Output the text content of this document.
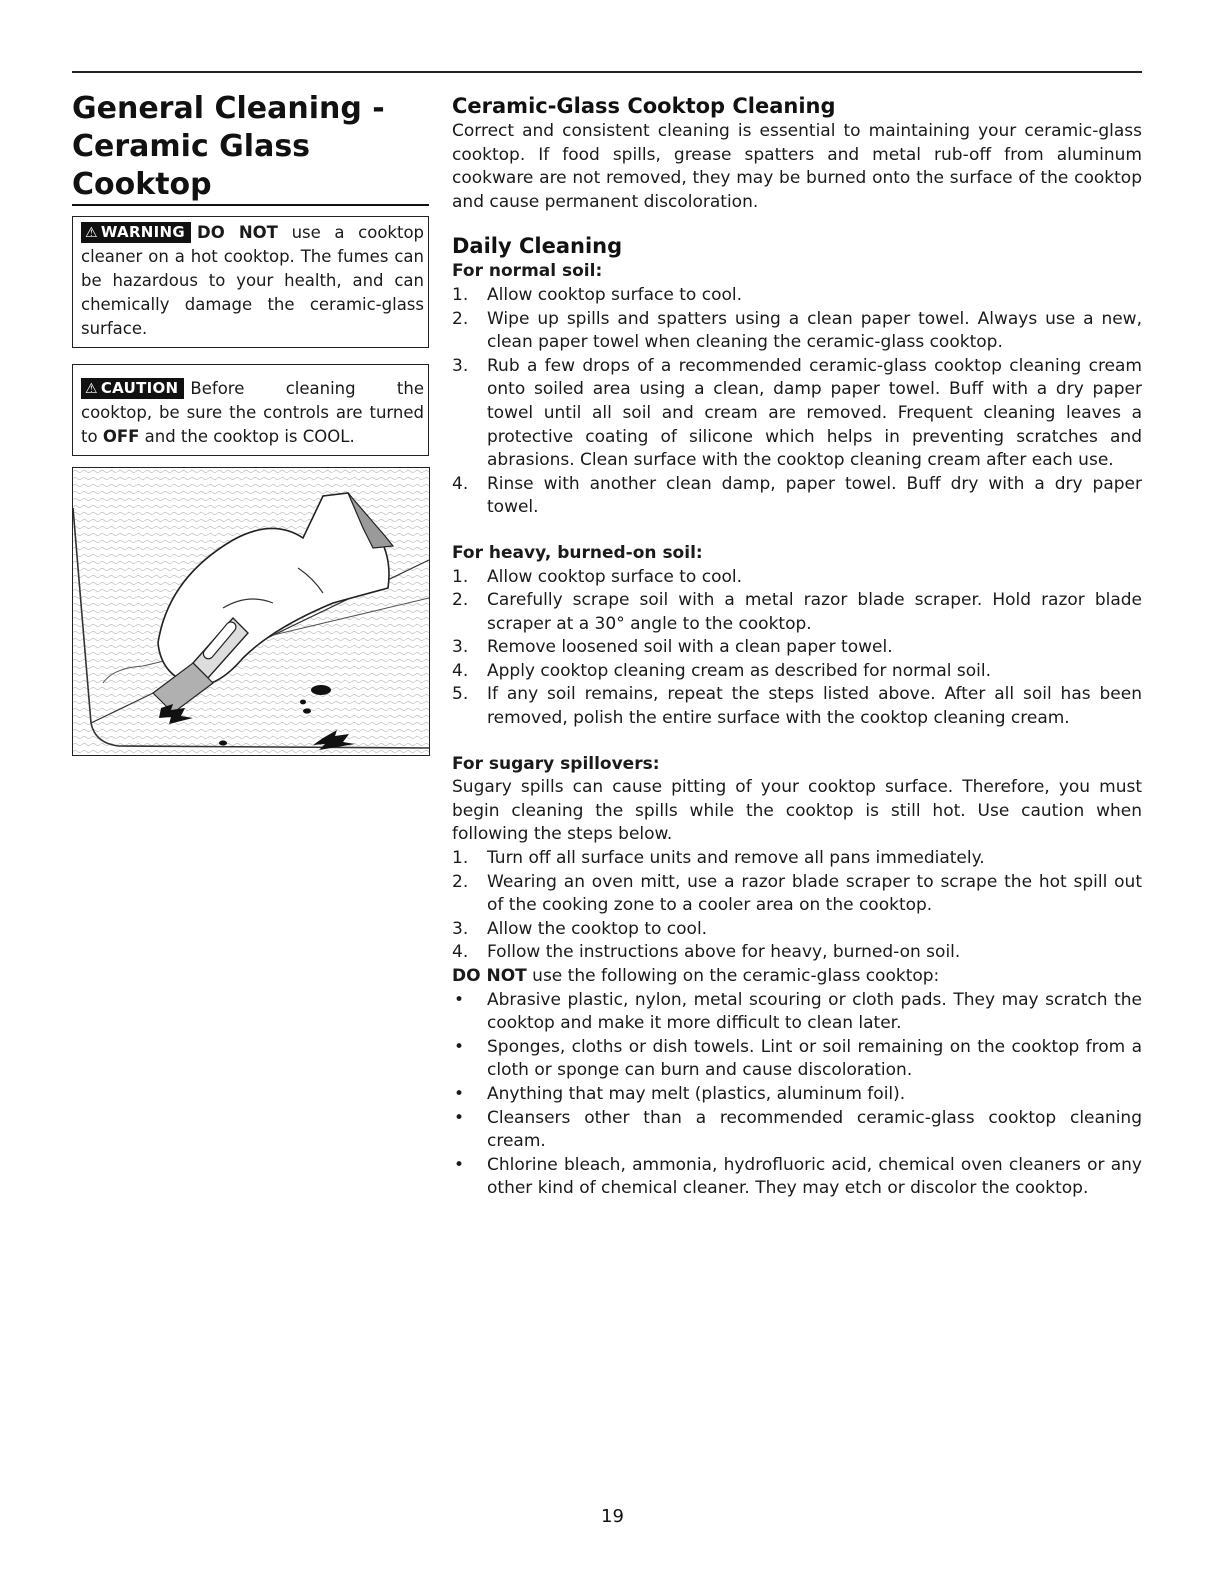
General Cleaning -
Ceramic Glass Cooktop
⚠ WARNING DO NOT use a cooktop cleaner on a hot cooktop. The fumes can be hazardous to your health, and can chemically damage the ceramic-glass surface.
⚠ CAUTION Before cleaning the cooktop, be sure the controls are turned to OFF and the cooktop is COOL.
Ceramic-Glass Cooktop Cleaning

Correct and consistent cleaning is essential to maintaining your ceramic-glass cooktop. If food spills, grease spatters and metal rub-off from aluminum cookware are not removed, they may be burned onto the surface of the cooktop and cause permanent discoloration.

Daily Cleaning
For normal soil:
1. Allow cooktop surface to cool.
2. Wipe up spills and spatters using a clean paper towel. Always use a new, clean paper towel when cleaning the ceramic-glass cooktop.
3. Rub a few drops of a recommended ceramic-glass cooktop cleaning cream onto soiled area using a clean, damp paper towel. Buff with a dry paper towel until all soil and cream are removed. Frequent cleaning leaves a protective coating of silicone which helps in preventing scratches and abrasions. Clean surface with the cooktop cleaning cream after each use.
4. Rinse with another clean damp, paper towel. Buff dry with a dry paper towel.
For heavy, burned-on soil:
1. Allow cooktop surface to cool.
2. Carefully scrape soil with a metal razor blade scraper. Hold razor blade scraper at a 30° angle to the cooktop.
3. Remove loosened soil with a clean paper towel.
4. Apply cooktop cleaning cream as described for normal soil.
5. If any soil remains, repeat the steps listed above. After all soil has been removed, polish the entire surface with the cooktop cleaning cream.
For sugary spillovers:

Sugary spills can cause pitting of your cooktop surface. Therefore, you must begin cleaning the spills while the cooktop is still hot. Use caution when following the steps below.

1. Turn off all surface units and remove all pans immediately.
2. Wearing an oven mitt, use a razor blade scraper to scrape the hot spill out of the cooking zone to a cooler area on the cooktop.
3. Allow the cooktop to cool.
4. Follow the instructions above for heavy, burned-on soil.

DO NOT use the following on the ceramic-glass cooktop:

• Abrasive plastic, nylon, metal scouring or cloth pads. They may scratch the cooktop and make it more difficult to clean later.
• Sponges, cloths or dish towels. Lint or soil remaining on the cooktop from a cloth or sponge can burn and cause discoloration.
• Anything that may melt (plastics, aluminum foil).
• Cleansers other than a recommended ceramic-glass cooktop cleaning cream.
• Chlorine bleach, ammonia, hydrofluoric acid, chemical oven cleaners or any other kind of chemical cleaner. They may etch or discolor the cooktop.
19
